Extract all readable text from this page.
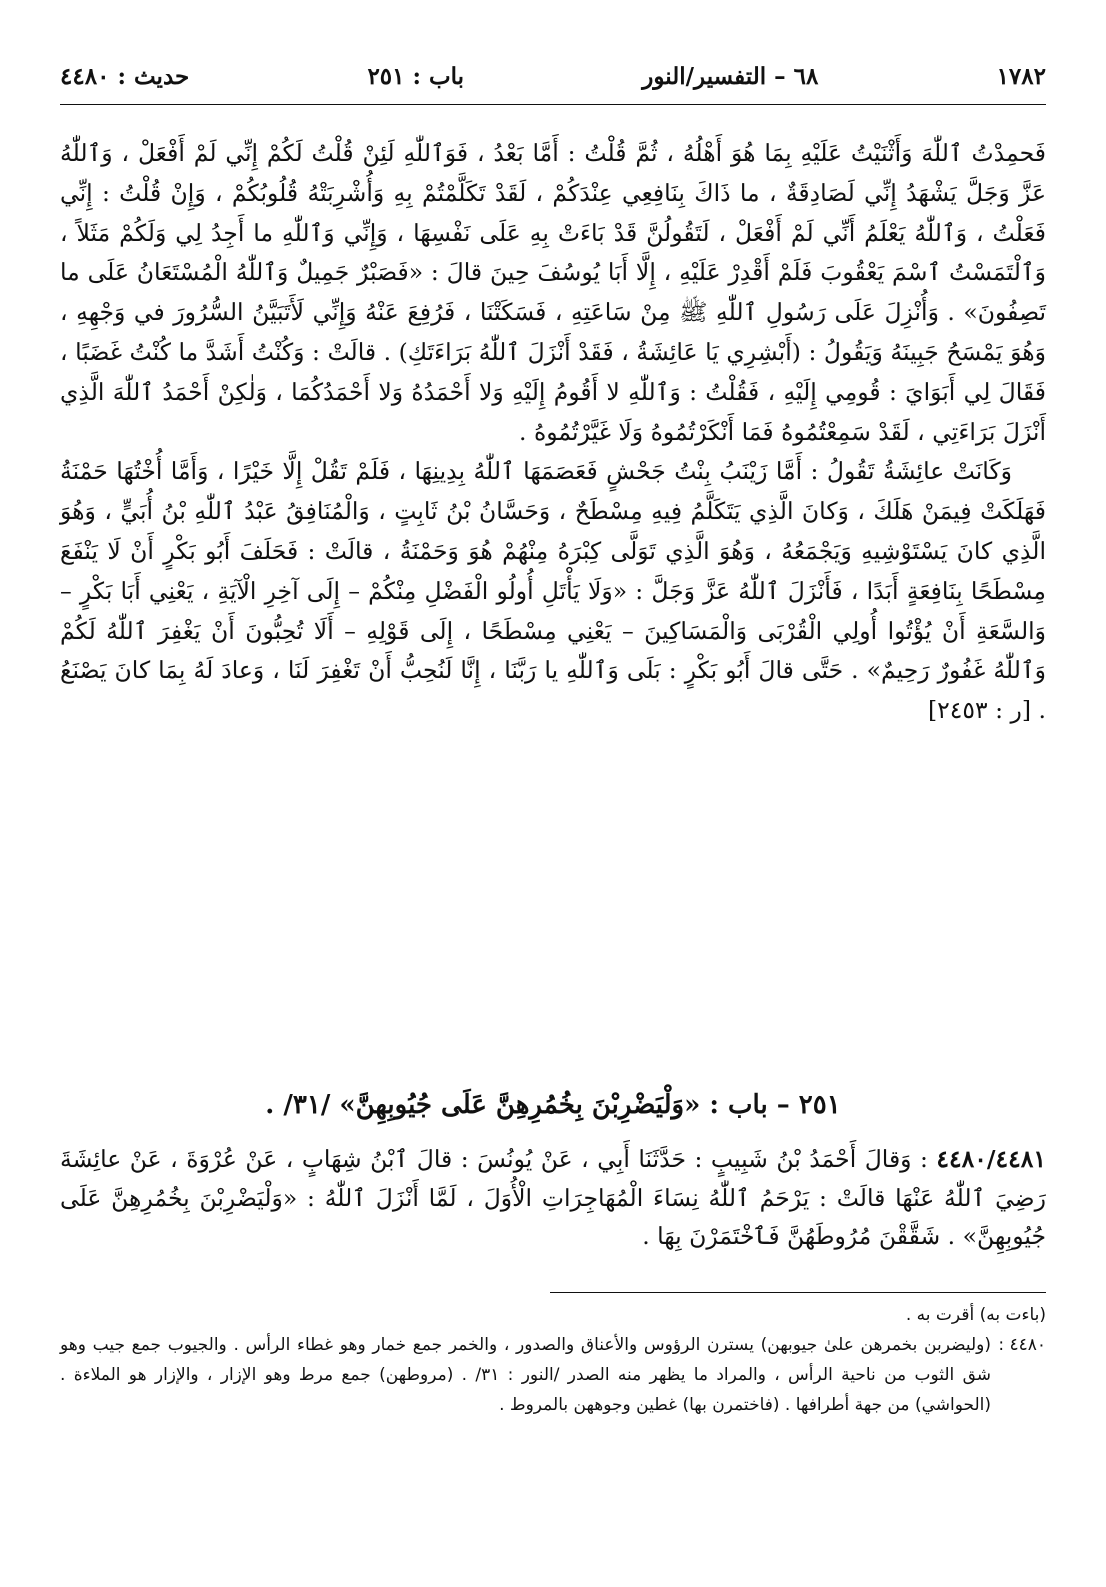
١٧٨٢
٦٨ – التفسير/النور
باب : ٢٥١
حديث : ٤٤٨٠

فَحمِدْتُ ٱللّٰهَ وَأَثْنَيْتُ عَلَيْهِ بِمَا هُوَ أَهْلُهُ ، ثُمَّ قُلْتُ : أَمَّا بَعْدُ ، فَوَٱللّٰهِ لَئِنْ قُلْتُ لَكُمْ إِنِّي لَمْ أَفْعَلْ ، وَٱللّٰهُ عَزَّ وَجَلَّ يَشْهَدُ إِنِّي لَصَادِقَةٌ ، ما ذَاكَ بِنَافِعِي عِنْدَكُمْ ، لَقَدْ تَكَلَّمْتُمْ بِهِ وَأُشْرِبَتْهُ قُلُوبُكُمْ ، وَإِنْ قُلْتُ : إِنِّي فَعَلْتُ ، وَٱللّٰهُ يَعْلَمُ أَنِّي لَمْ أَفْعَلْ ، لَتَقُولُنَّ قَدْ بَاءَتْ بِهِ عَلَى نَفْسِهَا ، وَإِنِّي وَٱللّٰهِ ما أَجِدُ لِي وَلَكُمْ مَثَلاً ، وَٱلْتَمَسْتُ ٱسْمَ يَعْقُوبَ فَلَمْ أَقْدِرْ عَلَيْهِ ، إِلَّا أَبَا يُوسُفَ حِينَ قالَ : «فَصَبْرٌ جَمِيلٌ وَٱللّٰهُ الْمُسْتَعَانُ عَلَى ما تَصِفُونَ» . وَأُنْزِلَ عَلَى رَسُولِ ٱللّٰهِ ﷺ مِنْ سَاعَتِهِ ، فَسَكَتْنَا ، فَرُفِعَ عَنْهُ وَإِنِّي لَأَتَبَيَّنُ السُّرُورَ في وَجْهِهِ ، وَهُوَ يَمْسَحُ جَبِينَهُ وَيَقُولُ : (أَبْشِرِي يَا عَائِشَةُ ، فَقَدْ أَنْزَلَ ٱللّٰهُ بَرَاءَتَكِ) . قالَتْ : وَكُنْتُ أَشَدَّ ما كُنْتُ غَضَبًا ، فَقَالَ لِي أَبَوَايَ : قُومِي إِلَيْهِ ، فَقُلْتُ : وَٱللّٰهِ لا أَقُومُ إِلَيْهِ وَلا أَحْمَدُهُ وَلا أَحْمَدُكُمَا ، وَلٰكِنْ أَحْمَدُ ٱللّٰهَ الَّذِي أَنْزَلَ بَرَاءَتِي ، لَقَدْ سَمِعْتُمُوهُ فَمَا أَنْكَرْتُمُوهُ وَلَا غَيَّرْتُمُوهُ .

وَكَانَتْ عائِشَةُ تَقُولُ : أَمَّا زَيْنَبُ بِنْتُ جَحْشٍ فَعَصَمَهَا ٱللّٰهُ بِدِينِهَا ، فَلَمْ تَقُلْ إِلَّا خَيْرًا ، وَأَمَّا أُخْتُهَا حَمْنَةُ فَهَلَكَتْ فِيمَنْ هَلَكَ ، وَكانَ الَّذِي يَتَكَلَّمُ فِيهِ مِسْطَحٌ ، وَحَسَّانُ بْنُ ثَابِتٍ ، وَالْمُنَافِقُ عَبْدُ ٱللّٰهِ بْنُ أُبَيٍّ ، وَهُوَ الَّذِي كانَ يَسْتَوْشِيهِ وَيَجْمَعُهُ ، وَهُوَ الَّذِي تَوَلَّى كِبْرَهُ مِنْهُمْ هُوَ وَحَمْنَةُ ، قالَتْ : فَحَلَفَ أَبُو بَكْرٍ أَنْ لَا يَنْفَعَ مِسْطَحًا بِنَافِعَةٍ أَبَدًا ، فَأَنْزَلَ ٱللّٰهُ عَزَّ وَجَلَّ : «وَلَا يَأْتَلِ أُولُو الْفَضْلِ مِنْكُمْ – إِلَى آخِرِ الْآيَةِ ، يَعْنِي أَبَا بَكْرٍ – وَالسَّعَةِ أَنْ يُؤْتُوا أُولِي الْقُرْبَى وَالْمَسَاكِينَ – يَعْنِي مِسْطَحًا ، إِلَى قَوْلِهِ – أَلَا تُحِبُّونَ أَنْ يَغْفِرَ ٱللّٰهُ لَكُمْ وَٱللّٰهُ غَفُورٌ رَحِيمٌ» . حَتَّى قالَ أَبُو بَكْرٍ : بَلَى وَٱللّٰهِ يا رَبَّنَا ، إِنَّا لَنُحِبُّ أَنْ تَغْفِرَ لَنَا ، وَعادَ لَهُ بِمَا كانَ يَصْنَعُ . [ر : ٢٤٥٣]

٢٥١ – باب : «وَلْيَضْرِبْنَ بِخُمُرِهِنَّ عَلَى جُيُوبِهِنَّ» /٣١/ .

٤٤٨٠/٤٤٨١ : وَقالَ أَحْمَدُ بْنُ شَبِيبٍ : حَدَّثَنَا أَبِي ، عَنْ يُونُسَ : قالَ ٱبْنُ شِهَابٍ ، عَنْ عُرْوَةَ ، عَنْ عائِشَةَ رَضِيَ ٱللّٰهُ عَنْهَا قالَتْ : يَرْحَمُ ٱللّٰهُ نِسَاءَ الْمُهَاجِرَاتِ الْأُوَلَ ، لَمَّا أَنْزَلَ ٱللّٰهُ : «وَلْيَضْرِبْنَ بِخُمُرِهِنَّ عَلَى جُيُوبِهِنَّ» . شَقَّقْنَ مُرُوطَهُنَّ فَٱخْتَمَرْنَ بِهَا .

(باءت به) أقرت به .

٤٤٨٠ :(وليضربن بخمرهن علىٰ جيوبهن) يسترن الرؤوس والأعناق والصدور ، والخمر جمع خمار وهو غطاء الرأس . والجيوب جمع جيب وهو شق الثوب من ناحية الرأس ، والمراد ما يظهر منه الصدر /النور : ٣١/ . (مروطهن) جمع مرط وهو الإزار ، والإزار هو الملاءة . (الحواشي) من جهة أطرافها . (فاختمرن بها) غطين وجوههن بالمروط .
